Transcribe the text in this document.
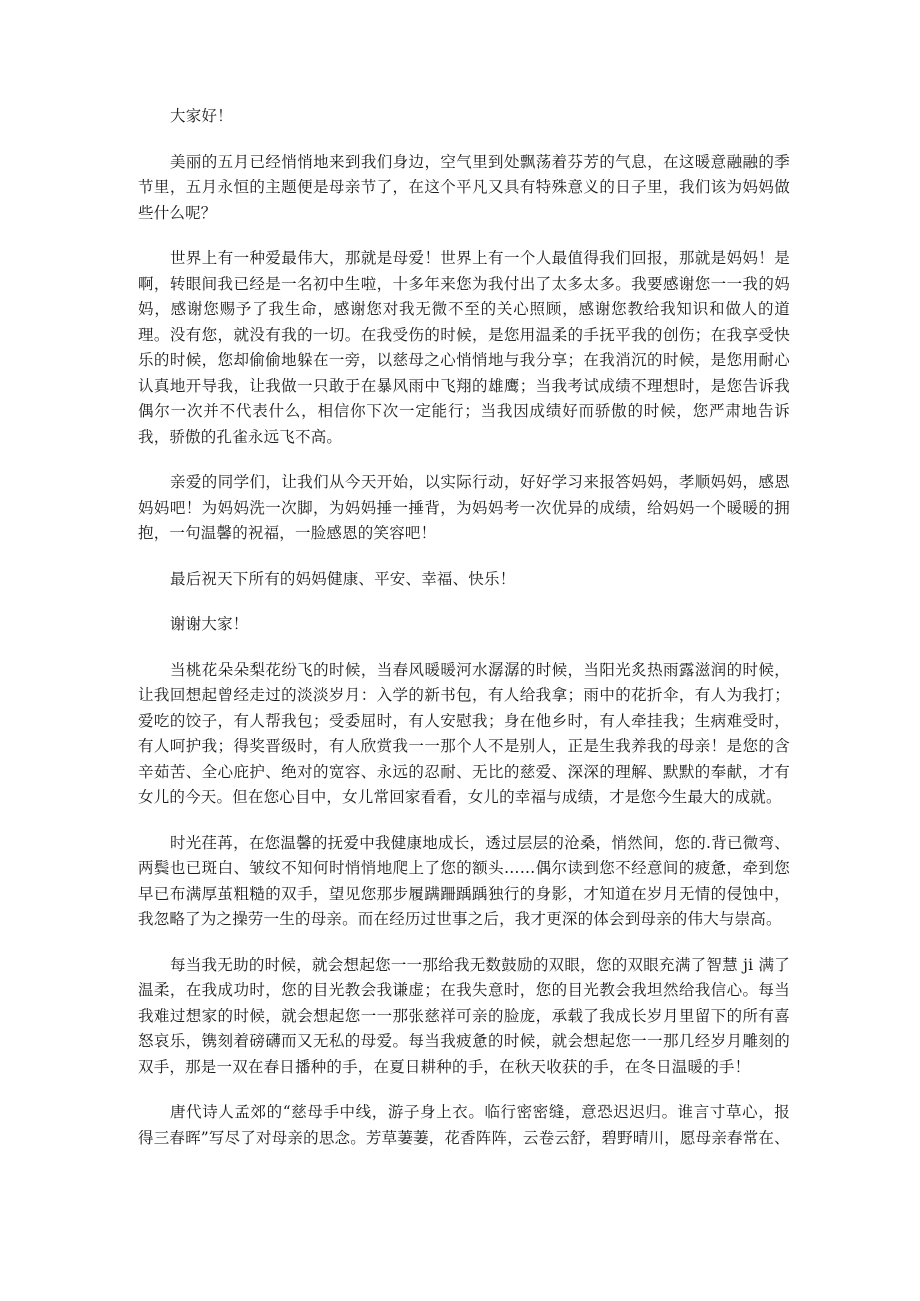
大家好！

美丽的五月已经悄悄地来到我们身边，空气里到处飘荡着芬芳的气息，在这暖意融融的季节里，五月永恒的主题便是母亲节了，在这个平凡又具有特殊意义的日子里，我们该为妈妈做些什么呢？

世界上有一种爱最伟大，那就是母爱！世界上有一个人最值得我们回报，那就是妈妈！是啊，转眼间我已经是一名初中生啦，十多年来您为我付出了太多太多。我要感谢您一一我的妈妈，感谢您赐予了我生命，感谢您对我无微不至的关心照顾，感谢您教给我知识和做人的道理。没有您，就没有我的一切。在我受伤的时候，是您用温柔的手抚平我的创伤；在我享受快乐的时候，您却偷偷地躲在一旁，以慈母之心悄悄地与我分享；在我消沉的时候，是您用耐心认真地开导我，让我做一只敢于在暴风雨中飞翔的雄鹰；当我考试成绩不理想时，是您告诉我偶尔一次并不代表什么，相信你下次一定能行；当我因成绩好而骄傲的时候，您严肃地告诉我，骄傲的孔雀永远飞不高。

亲爱的同学们，让我们从今天开始，以实际行动，好好学习来报答妈妈，孝顺妈妈，感恩妈妈吧！为妈妈洗一次脚，为妈妈捶一捶背，为妈妈考一次优异的成绩，给妈妈一个暖暖的拥抱，一句温馨的祝福，一脸感恩的笑容吧！

最后祝天下所有的妈妈健康、平安、幸福、快乐！

谢谢大家！

当桃花朵朵梨花纷飞的时候，当春风暖暖河水潺潺的时候，当阳光炙热雨露滋润的时候，让我回想起曾经走过的淡淡岁月：入学的新书包，有人给我拿；雨中的花折伞，有人为我打；爱吃的饺子，有人帮我包；受委屈时，有人安慰我；身在他乡时，有人牵挂我；生病难受时，有人呵护我；得奖晋级时，有人欣赏我一一那个人不是别人，正是生我养我的母亲！是您的含辛茹苦、全心庇护、绝对的宽容、永远的忍耐、无比的慈爱、深深的理解、默默的奉献，才有女儿的今天。但在您心目中，女儿常回家看看，女儿的幸福与成绩，才是您今生最大的成就。

时光荏苒，在您温馨的抚爱中我健康地成长，透过层层的沧桑，悄然间，您的.背已微弯、两鬓也已斑白、皱纹不知何时悄悄地爬上了您的额头……偶尔读到您不经意间的疲惫，牵到您早已布满厚茧粗糙的双手，望见您那步履蹒跚踽踽独行的身影，才知道在岁月无情的侵蚀中，我忽略了为之操劳一生的母亲。而在经历过世事之后，我才更深的体会到母亲的伟大与崇高。

每当我无助的时候，就会想起您一一那给我无数鼓励的双眼，您的双眼充满了智慧 ji 满了温柔，在我成功时，您的目光教会我谦虚；在我失意时，您的目光教会我坦然给我信心。每当我难过想家的时候，就会想起您一一那张慈祥可亲的脸庞，承载了我成长岁月里留下的所有喜怒哀乐，镌刻着磅礴而又无私的母爱。每当我疲惫的时候，就会想起您一一那几经岁月雕刻的双手，那是一双在春日播种的手，在夏日耕种的手，在秋天收获的手，在冬日温暖的手！

唐代诗人孟郊的“慈母手中线，游子身上衣。临行密密缝，意恐迟迟归。谁言寸草心，报得三春晖”写尽了对母亲的思念。芳草萋萋，花香阵阵，云卷云舒，碧野晴川，愿母亲春常在、
